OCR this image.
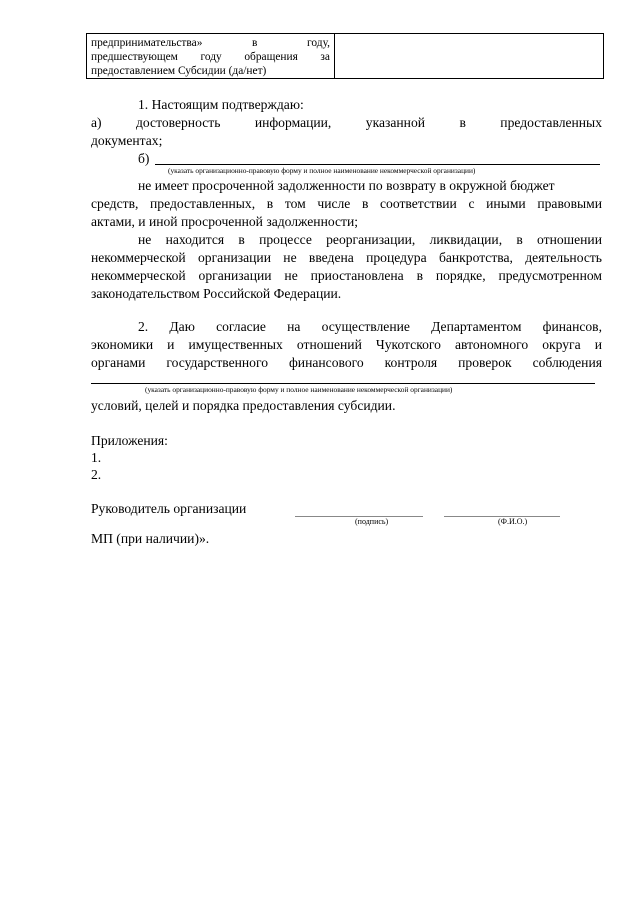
предпринимательства» в году,
предшествующем году обращения за
предоставлением Субсидии (да/нет)
1. Настоящим подтверждаю:
а) достоверность информации, указанной в предоставленных
документах;
б)
(указать организационно-правовую форму и полное наименование некоммерческой организации)
не имеет просроченной задолженности по возврату в окружной бюджет
средств, предоставленных, в том числе в соответствии с иными правовыми
актами, и иной просроченной задолженности;
не находится в процессе реорганизации, ликвидации, в отношении
некоммерческой организации не введена процедура банкротства, деятельность
некоммерческой организации не приостановлена в порядке, предусмотренном
законодательством Российской Федерации.
2. Даю согласие на осуществление Департаментом финансов,
экономики и имущественных отношений Чукотского автономного округа и
органами государственного финансового контроля проверок соблюдения
(указать организационно-правовую форму и полное наименование некоммерческой организации)
условий, целей и порядка предоставления субсидии.
Приложения:
1.
2.
Руководитель организации
(подпись)	(Ф.И.О.)
МП (при наличии)».
